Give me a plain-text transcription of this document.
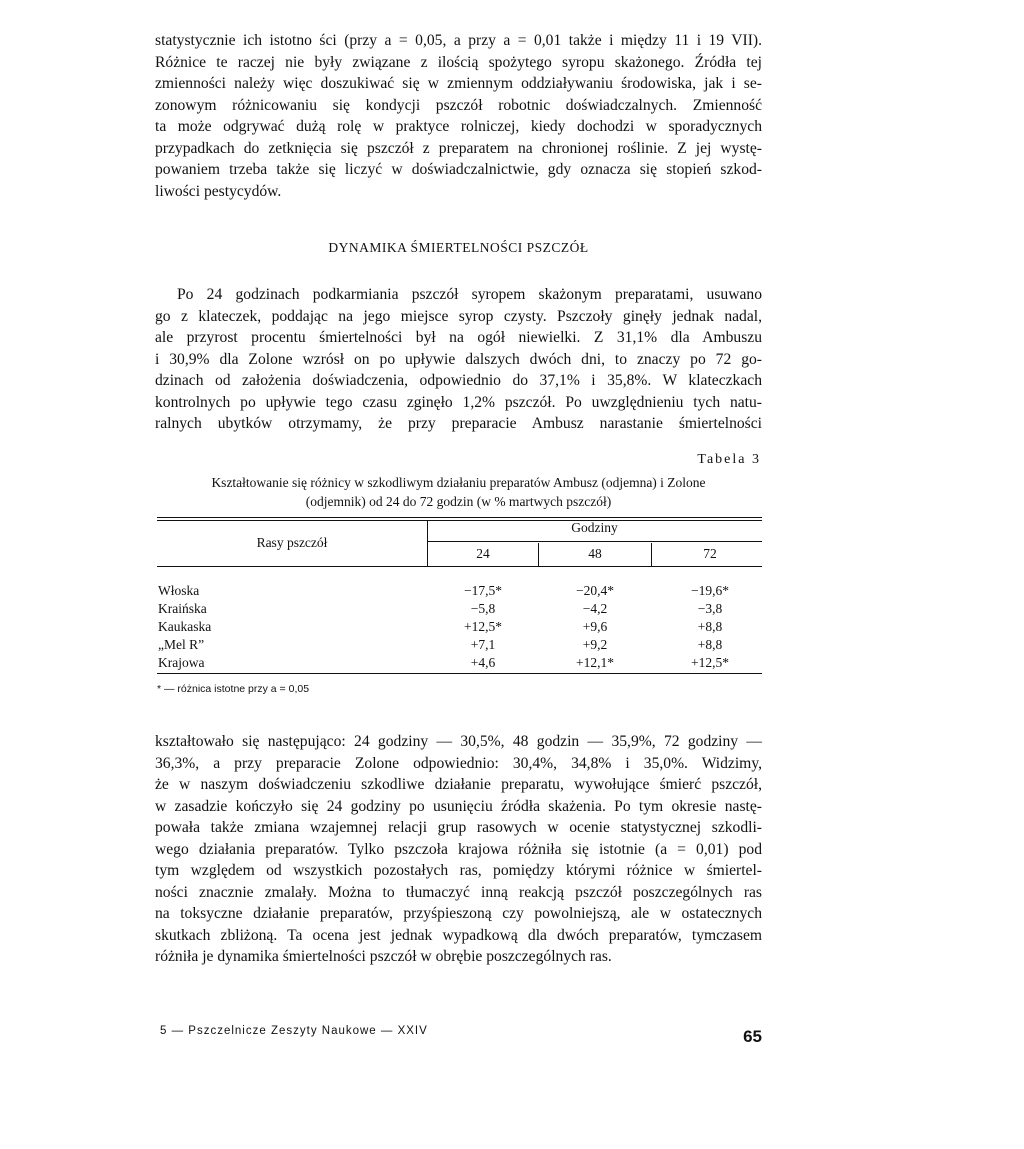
statystycznie ich istotno ści (przy a = 0,05, a przy a = 0,01 także i między 11 i 19 VII).
Różnice te raczej nie były związane z ilością spożytego syropu skażonego. Źródła tej
zmienności należy więc doszukiwać się w zmiennym oddziaływaniu środowiska, jak i se-
zonowym różnicowaniu się kondycji pszczół robotnic doświadczalnych. Zmienność
ta może odgrywać dużą rolę w praktyce rolniczej, kiedy dochodzi w sporadycznych
przypadkach do zetknięcia się pszczół z preparatem na chronionej roślinie. Z jej wystę-
powaniem trzeba także się liczyć w doświadczalnictwie, gdy oznacza się stopień szkod-
liwości pestycydów.
DYNAMIKA ŚMIERTELNOŚCI PSZCZÓŁ
Po 24 godzinach podkarmiania pszczół syropem skażonym preparatami, usuwano
go z klateczek, poddając na jego miejsce syrop czysty. Pszczoły ginęły jednak nadal,
ale przyrost procentu śmiertelności był na ogół niewielki. Z 31,1% dla Ambuszu
i 30,9% dla Zolone wzrósł on po upływie dalszych dwóch dni, to znaczy po 72 go-
dzinach od założenia doświadczenia, odpowiednio do 37,1% i 35,8%. W klateczkach
kontrolnych po upływie tego czasu zginęło 1,2% pszczół. Po uwzględnieniu tych natu-
ralnych ubytków otrzymamy, że przy preparacie Ambusz narastanie śmiertelności
Tabela 3
Kształtowanie się różnicy w szkodliwym działaniu preparatów Ambusz (odjemna) i Zolone
(odjemnik) od 24 do 72 godzin (w % martwych pszczół)
Rasy pszczół
Godziny
24	48	72
Włoska	−17,5*	−20,4*	−19,6*
Kraińska	−5,8	−4,2	−3,8
Kaukaska	+12,5*	+9,6	+8,8
„Mel R”	+7,1	+9,2	+8,8
Krajowa	+4,6	+12,1*	+12,5*
* — różnica istotne przy a = 0,05
kształtowało się następująco: 24 godziny — 30,5%, 48 godzin — 35,9%, 72 godziny —
36,3%, a przy preparacie Zolone odpowiednio: 30,4%, 34,8% i 35,0%. Widzimy,
że w naszym doświadczeniu szkodliwe działanie preparatu, wywołujące śmierć pszczół,
w zasadzie kończyło się 24 godziny po usunięciu źródła skażenia. Po tym okresie nastę-
powała także zmiana wzajemnej relacji grup rasowych w ocenie statystycznej szkodli-
wego działania preparatów. Tylko pszczoła krajowa różniła się istotnie (a = 0,01) pod
tym względem od wszystkich pozostałych ras, pomiędzy którymi różnice w śmiertel-
ności znacznie zmalały. Można to tłumaczyć inną reakcją pszczół poszczególnych ras
na toksyczne działanie preparatów, przyśpieszoną czy powolniejszą, ale w ostatecznych
skutkach zbliżoną. Ta ocena jest jednak wypadkową dla dwóch preparatów, tymczasem
różniła je dynamika śmiertelności pszczół w obrębie poszczególnych ras.
5 — Pszczelnicze Zeszyty Naukowe — XXIV	65
